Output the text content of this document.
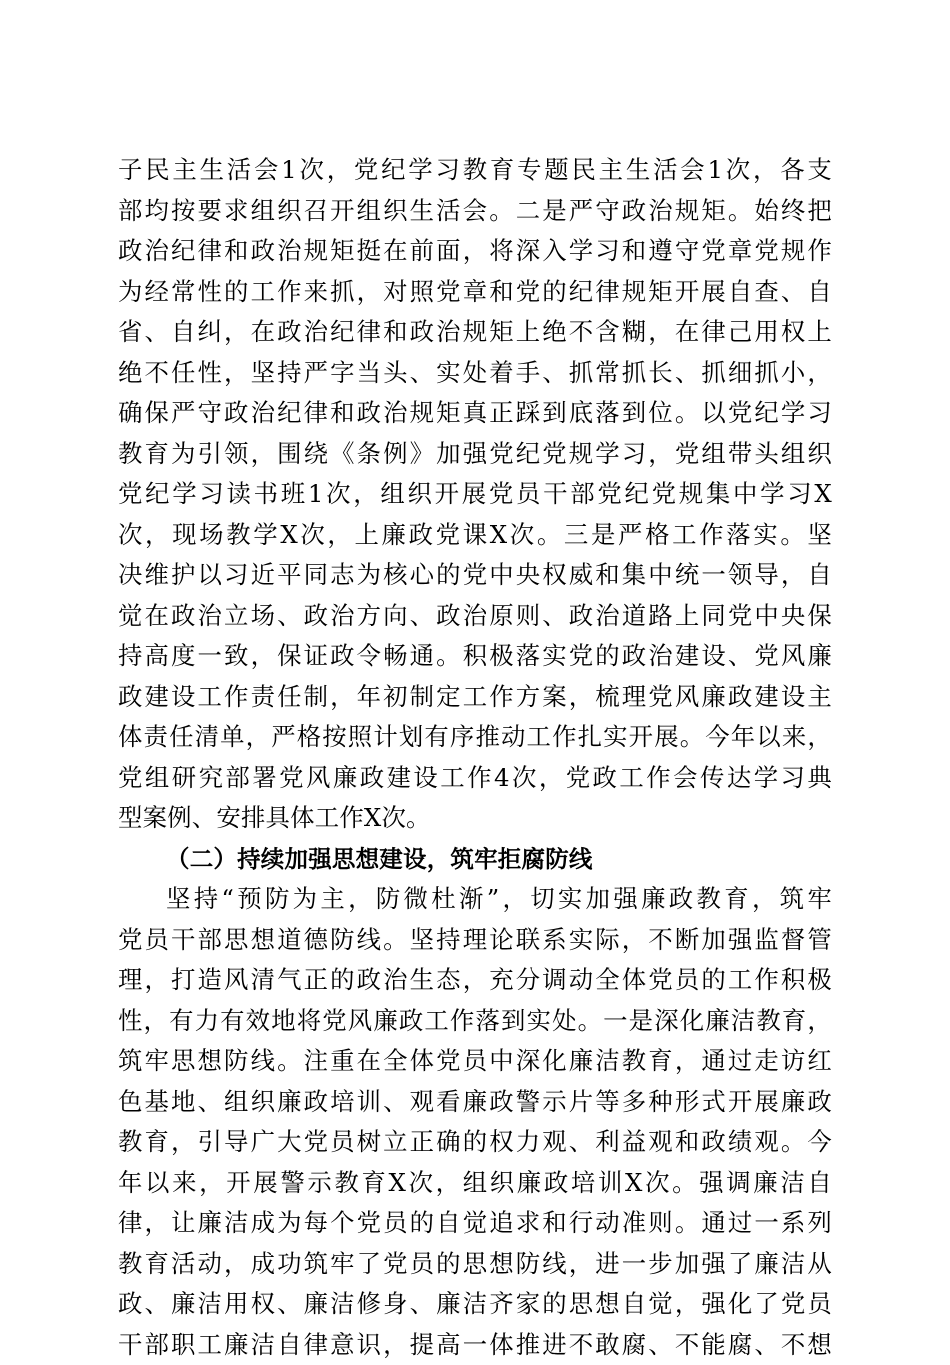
子民主生活会1次，党纪学习教育专题民主生活会1次，各支
部均按要求组织召开组织生活会。二是严守政治规矩。始终把
政治纪律和政治规矩挺在前面，将深入学习和遵守党章党规作
为经常性的工作来抓，对照党章和党的纪律规矩开展自查、自
省、自纠，在政治纪律和政治规矩上绝不含糊，在律己用权上
绝不任性，坚持严字当头、实处着手、抓常抓长、抓细抓小，
确保严守政治纪律和政治规矩真正踩到底落到位。以党纪学习
教育为引领，围绕《条例》加强党纪党规学习，党组带头组织
党纪学习读书班1次，组织开展党员干部党纪党规集中学习X
次，现场教学X次，上廉政党课X次。三是严格工作落实。坚
决维护以习近平同志为核心的党中央权威和集中统一领导，自
觉在政治立场、政治方向、政治原则、政治道路上同党中央保
持高度一致，保证政令畅通。积极落实党的政治建设、党风廉
政建设工作责任制，年初制定工作方案，梳理党风廉政建设主
体责任清单，严格按照计划有序推动工作扎实开展。今年以来，
党组研究部署党风廉政建设工作4次，党政工作会传达学习典
型案例、安排具体工作X次。
（二）持续加强思想建设，筑牢拒腐防线
坚持“预防为主，防微杜渐”，切实加强廉政教育，筑牢
党员干部思想道德防线。坚持理论联系实际，不断加强监督管
理，打造风清气正的政治生态，充分调动全体党员的工作积极
性，有力有效地将党风廉政工作落到实处。一是深化廉洁教育，
筑牢思想防线。注重在全体党员中深化廉洁教育，通过走访红
色基地、组织廉政培训、观看廉政警示片等多种形式开展廉政
教育，引导广大党员树立正确的权力观、利益观和政绩观。今
年以来，开展警示教育X次，组织廉政培训X次。强调廉洁自
律，让廉洁成为每个党员的自觉追求和行动准则。通过一系列
教育活动，成功筑牢了党员的思想防线，进一步加强了廉洁从
政、廉洁用权、廉洁修身、廉洁齐家的思想自觉，强化了党员
干部职工廉洁自律意识，提高一体推进不敢腐、不能腐、不想
